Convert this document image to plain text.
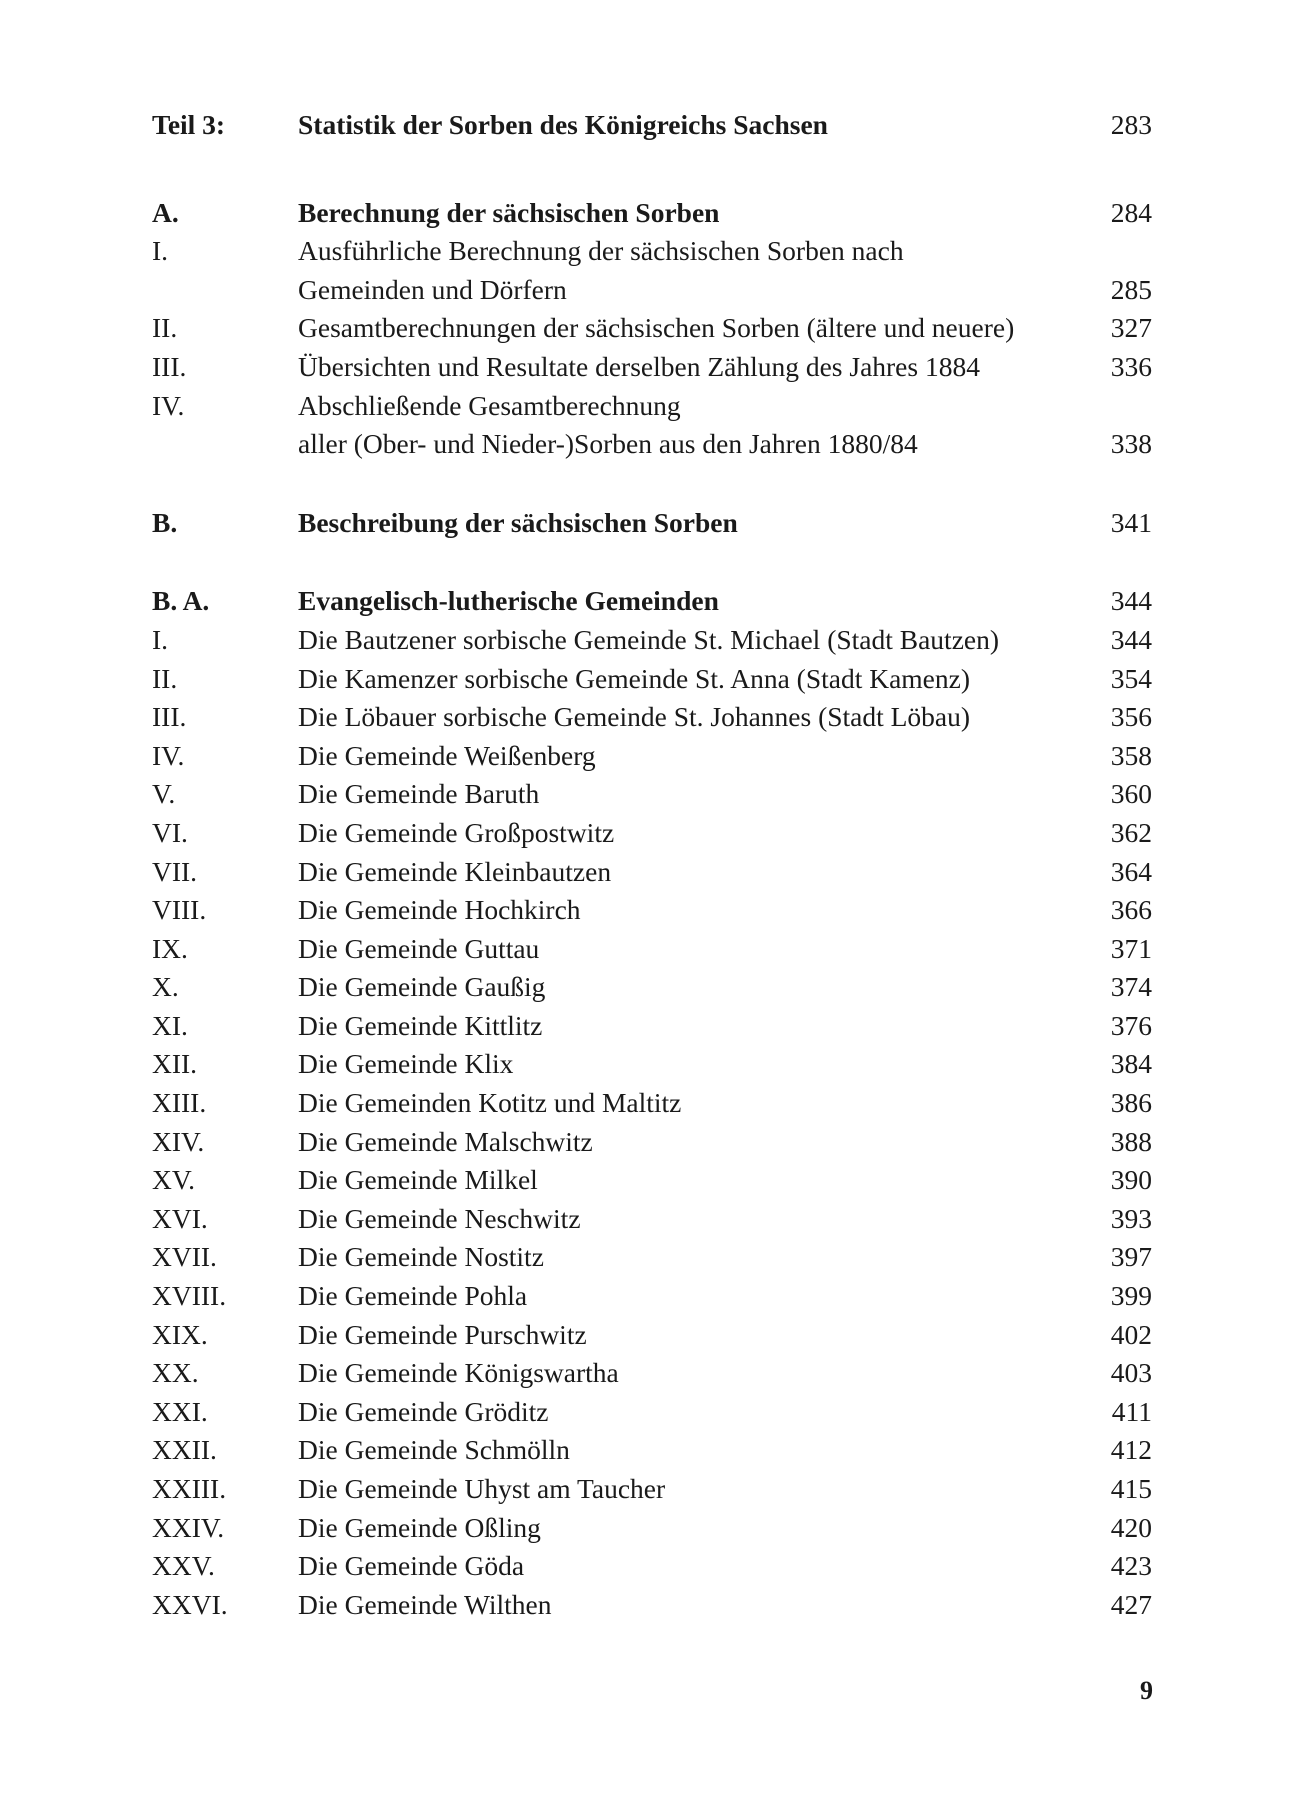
Teil 3:	Statistik der Sorben des Königreichs Sachsen	283
A.	Berechnung der sächsischen Sorben	284
I.	Ausführliche Berechnung der sächsischen Sorben nach
Gemeinden und Dörfern	285
II.	Gesamtberechnungen der sächsischen Sorben (ältere und neuere)	327
III.	Übersichten und Resultate derselben Zählung des Jahres 1884	336
IV.	Abschließende Gesamtberechnung
aller (Ober- und Nieder-)Sorben aus den Jahren 1880/84	338
B.	Beschreibung der sächsischen Sorben	341
B. A.	Evangelisch-lutherische Gemeinden	344
I.	Die Bautzener sorbische Gemeinde St. Michael (Stadt Bautzen)	344
II.	Die Kamenzer sorbische Gemeinde St. Anna (Stadt Kamenz)	354
III.	Die Löbauer sorbische Gemeinde St. Johannes (Stadt Löbau)	356
IV.	Die Gemeinde Weißenberg	358
V.	Die Gemeinde Baruth	360
VI.	Die Gemeinde Großpostwitz	362
VII.	Die Gemeinde Kleinbautzen	364
VIII.	Die Gemeinde Hochkirch	366
IX.	Die Gemeinde Guttau	371
X.	Die Gemeinde Gaußig	374
XI.	Die Gemeinde Kittlitz	376
XII.	Die Gemeinde Klix	384
XIII.	Die Gemeinden Kotitz und Maltitz	386
XIV.	Die Gemeinde Malschwitz	388
XV.	Die Gemeinde Milkel	390
XVI.	Die Gemeinde Neschwitz	393
XVII.	Die Gemeinde Nostitz	397
XVIII.	Die Gemeinde Pohla	399
XIX.	Die Gemeinde Purschwitz	402
XX.	Die Gemeinde Königswartha	403
XXI.	Die Gemeinde Gröditz	411
XXII.	Die Gemeinde Schmölln	412
XXIII.	Die Gemeinde Uhyst am Taucher	415
XXIV.	Die Gemeinde Oßling	420
XXV.	Die Gemeinde Göda	423
XXVI.	Die Gemeinde Wilthen	427
9
